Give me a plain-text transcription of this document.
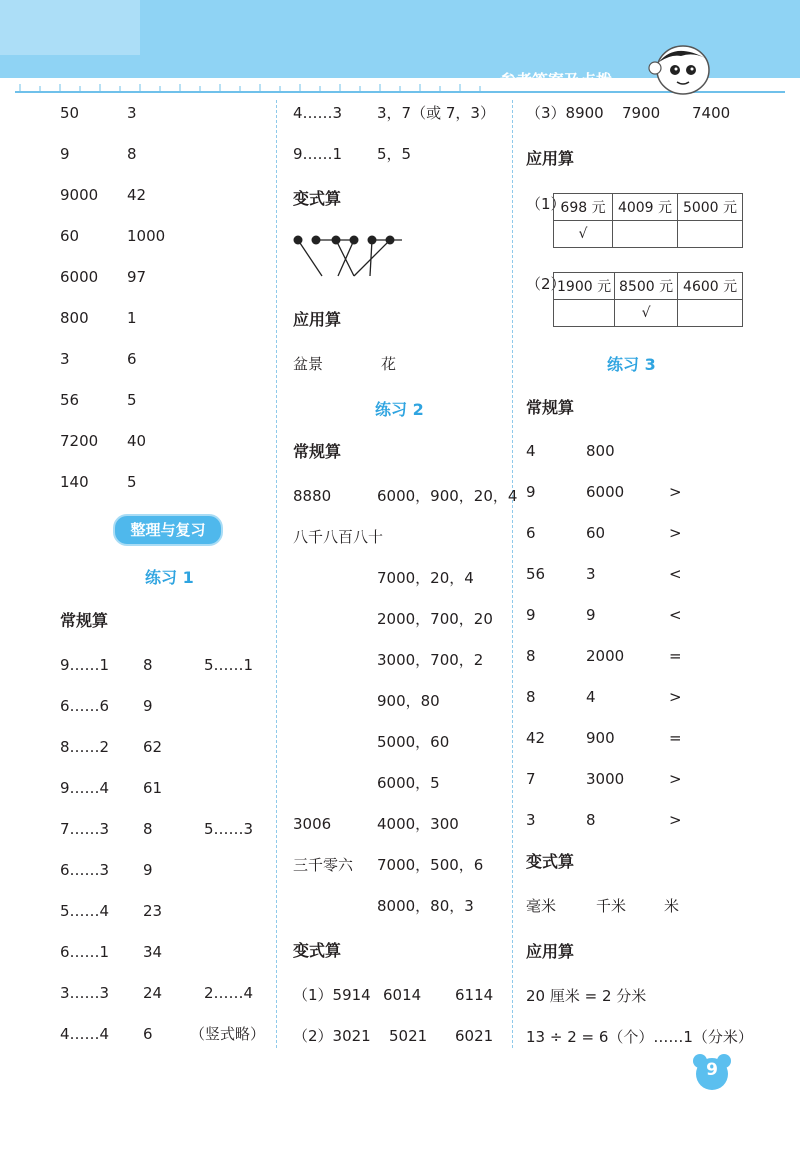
参考答案及点拨
50	3
9	8
9000 42
60	1000
6000 97
800	1
3	6
56	5
7200 40
140	5
整理与复习
练习 1
常规算
9……1 8	5……1
6……6 9
8……2 62
9……4 61
7……3 8	5……3
6……3 9
5……4 23
6……1 34
3……3 24	2……4
4……4 6 （竖式略）
4……3 3，7（或 7，3）
9……1 5，5
变式算
应用算
盆景	花
练习 2
常规算
8880	6000，900，20，4
八千八百八十
7000，20，4
2000，700，20
3000，700，2
900，80
5000，60
6000，5
3006	4000，300
三千零六 7000，500，6
8000，80，3
变式算
（1）5914 6014 6114
（2）3021 5021 6021
（3）8900 7900 7400
应用算
（1）
698 元	4009 元	5000 元
√		
（2）
1900 元	8500 元	4600 元
	√	
练习 3
常规算
4	800
9	6000	>
6	60	>
56	3	<
9	9	<
8	2000	=
8	4	>
42	900	=
7	3000	>
3	8	>
变式算
毫米	千米	米
应用算
20 厘米 = 2 分米
13 ÷ 2 = 6（个）……1（分米）
9
